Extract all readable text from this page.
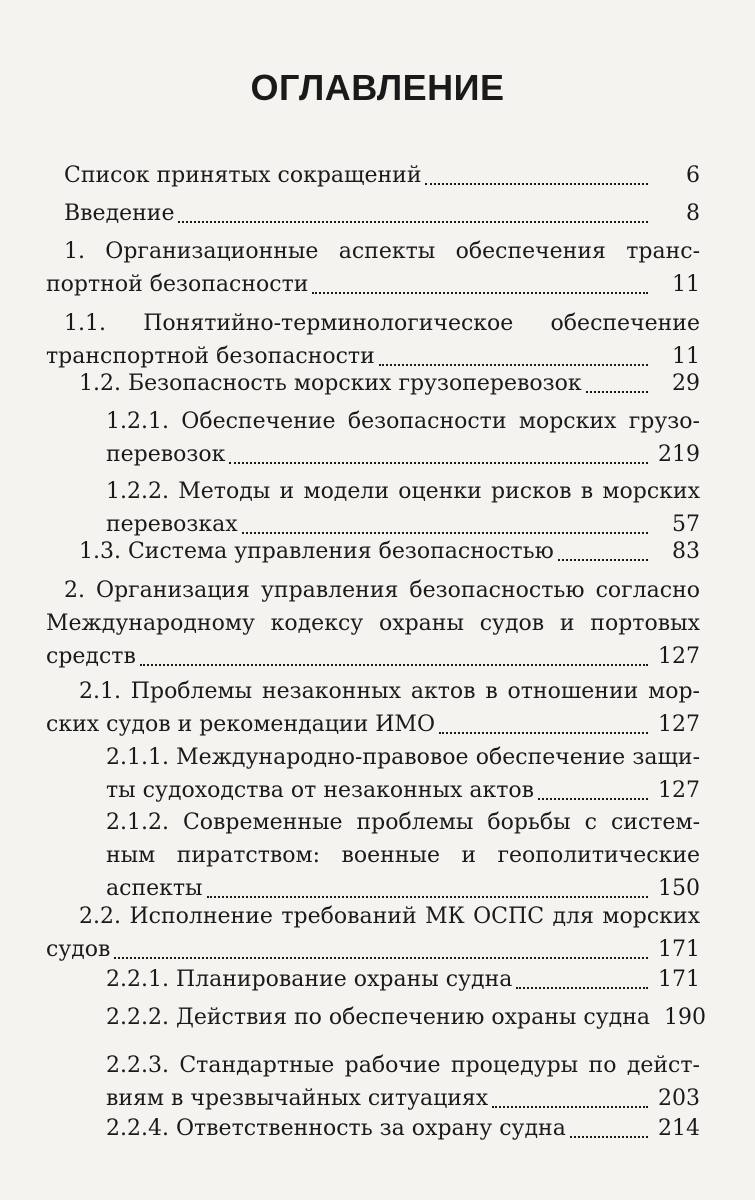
ОГЛАВЛЕНИЕ
Список принятых сокращений	6
Введение	8
1. Организационные аспекты обеспечения транс-
портной безопасности	11
1.1. Понятийно-терминологическое обеспечение
транспортной безопасности	11
1.2. Безопасность морских грузоперевозок	29
1.2.1. Обеспечение безопасности морских грузо-
перевозок	219
1.2.2. Методы и модели оценки рисков в морских
перевозках	57
1.3. Система управления безопасностью	83
2. Организация управления безопасностью согласно
Международному кодексу охраны судов и портовых
средств	127
2.1. Проблемы незаконных актов в отношении мор-
ских судов и рекомендации ИМО	127
2.1.1. Международно-правовое обеспечение защи-
ты судоходства от незаконных актов	127
2.1.2. Современные проблемы борьбы с систем-
ным пиратством: военные и геополитические
аспекты	150
2.2. Исполнение требований МК ОСПС для морских
судов	171
2.2.1. Планирование охраны судна	171
2.2.2. Действия по обеспечению охраны судна 190
2.2.3. Стандартные рабочие процедуры по дейст-
виям в чрезвычайных ситуациях	203
2.2.4. Ответственность за охрану судна	214
